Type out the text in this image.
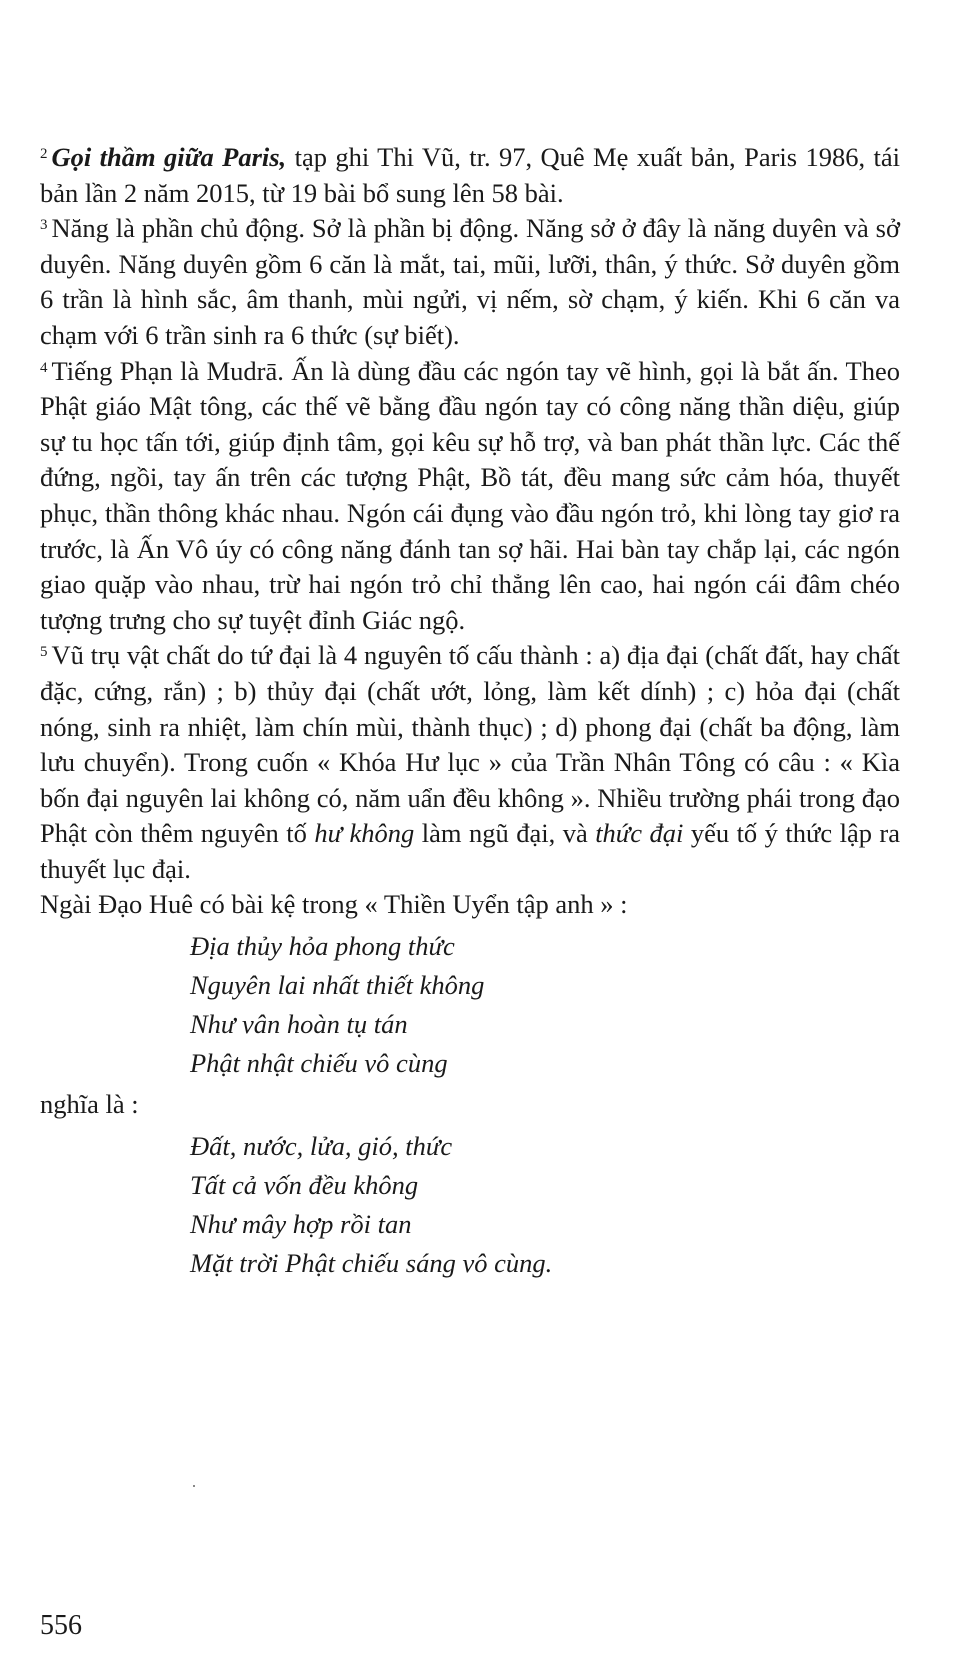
$^2$ Gọi thầm giữa Paris, tạp ghi Thi Vũ, tr. 97, Quê Mẹ xuất bản, Paris 1986, tái bản lần 2 năm 2015, từ 19 bài bổ sung lên 58 bài.

$^3$ Năng là phần chủ động. Sở là phần bị động. Năng sở ở đây là năng duyên và sở duyên. Năng duyên gồm 6 căn là mắt, tai, mũi, lưỡi, thân, ý thức. Sở duyên gồm 6 trần là hình sắc, âm thanh, mùi ngửi, vị nếm, sờ chạm, ý kiến. Khi 6 căn va chạm với 6 trần sinh ra 6 thức (sự biết).

$^4$ Tiếng Phạn là Mudrā. Ấn là dùng đầu các ngón tay vẽ hình, gọi là bắt ấn. Theo Phật giáo Mật tông, các thế vẽ bằng đầu ngón tay có công năng thần diệu, giúp sự tu học tấn tới, giúp định tâm, gọi kêu sự hỗ trợ, và ban phát thần lực. Các thế đứng, ngồi, tay ấn trên các tượng Phật, Bồ tát, đều mang sức cảm hóa, thuyết phục, thần thông khác nhau. Ngón cái đụng vào đầu ngón trỏ, khi lòng tay giơ ra trước, là Ấn Vô úy có công năng đánh tan sợ hãi. Hai bàn tay chắp lại, các ngón giao quặp vào nhau, trừ hai ngón trỏ chỉ thẳng lên cao, hai ngón cái đâm chéo tượng trưng cho sự tuyệt đỉnh Giác ngộ.

$^5$ Vũ trụ vật chất do tứ đại là 4 nguyên tố cấu thành : a) địa đại (chất đất, hay chất đặc, cứng, rắn) ; b) thủy đại (chất ướt, lỏng, làm kết dính) ; c) hỏa đại (chất nóng, sinh ra nhiệt, làm chín mùi, thành thục) ; d) phong đại (chất ba động, làm lưu chuyển). Trong cuốn « Khóa Hư lục » của Trần Nhân Tông có câu : « Kìa bốn đại nguyên lai không có, năm uẩn đều không ». Nhiều trường phái trong đạo Phật còn thêm nguyên tố hư không làm ngũ đại, và thức đại yếu tố ý thức lập ra thuyết lục đại.

Ngài Đạo Huê có bài kệ trong « Thiền Uyển tập anh » :

Địa thủy hỏa phong thức
Nguyên lai nhất thiết không
Như vân hoàn tụ tán
Phật nhật chiếu vô cùng

nghĩa là :

Đất, nước, lửa, gió, thức
Tất cả vốn đều không
Như mây hợp rồi tan
Mặt trời Phật chiếu sáng vô cùng.
556
